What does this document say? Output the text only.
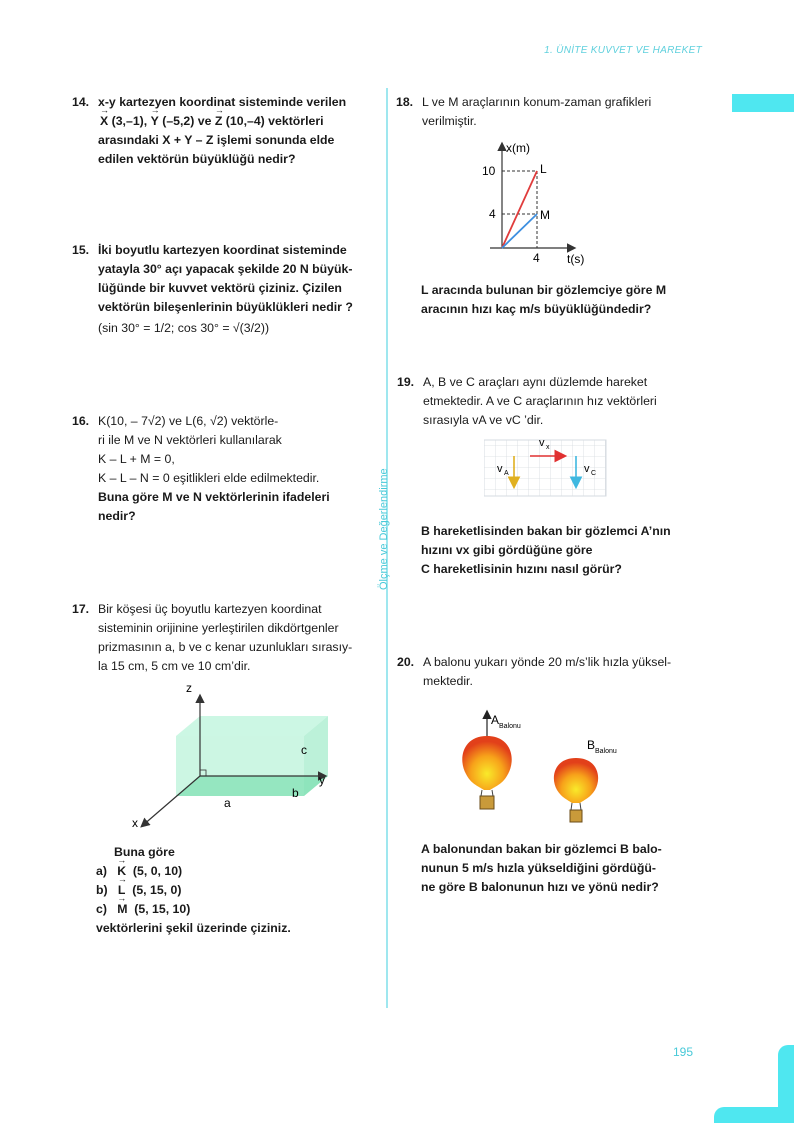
1. ÜNİTE KUVVET VE HAREKET
Ölçme ve Değerlendirme
195
14. x-y kartezyen koordinat sisteminde verilen
→ X (3,–1), → Y (–5,2) ve → Z (10,–4) vektörleri
arasındaki X + Y – Z işlemi sonunda elde
edilen vektörün büyüklüğü nedir?
15. İki boyutlu kartezyen koordinat sisteminde
yatayla 30° açı yapacak şekilde 20 N büyük-
lüğünde bir kuvvet vektörü çiziniz. Çizilen
vektörün bileşenlerinin büyüklükleri nedir ?
(sin 30° = 1/2; cos 30° = √(3/2))
16. K(10, – 7√2) ve L(6, √2) vektörle-
ri ile M ve N vektörleri kullanılarak
K – L + M = 0,
K – L – N = 0 eşitlikleri elde edilmektedir.
Buna göre M ve N vektörlerinin ifadeleri
nedir?
17. Bir köşesi üç boyutlu kartezyen koordinat
sisteminin orijinine yerleştirilen dikdörtgenler
prizmasının a, b ve c kenar uzunlukları sırasıy-
la 15 cm, 5 cm ve 10 cm’dir.
z
y
x
a
b
c
Buna göre
a) → K (5, 0, 10)
b) → L (5, 15, 0)
c) → M (5, 15, 10)
vektörlerini şekil üzerinde çiziniz.
18. L ve M araçlarının konum-zaman grafikleri
verilmiştir.
x(m)
t(s)
10
4
4
L
M
L aracında bulunan bir gözlemciye göre M
aracının hızı kaç m/s büyüklüğündedir?
19. A, B ve C araçları aynı düzlemde hareket
etmektedir. A ve C araçlarının hız vektörleri
sırasıyla vA ve vC ’dir.
v x
v A	v C
B hareketlisinden bakan bir gözlemci A’nın
hızını vx gibi gördüğüne göre
C hareketlisinin hızını nasıl görür?
20. A balonu yukarı yönde 20 m/s’lik hızla yüksel-
mektedir.
A Balonu
B Balonu
A balonundan bakan bir gözlemci B balo-
nunun 5 m/s hızla yükseldiğini gördüğü-
ne göre B balonunun hızı ve yönü nedir?
